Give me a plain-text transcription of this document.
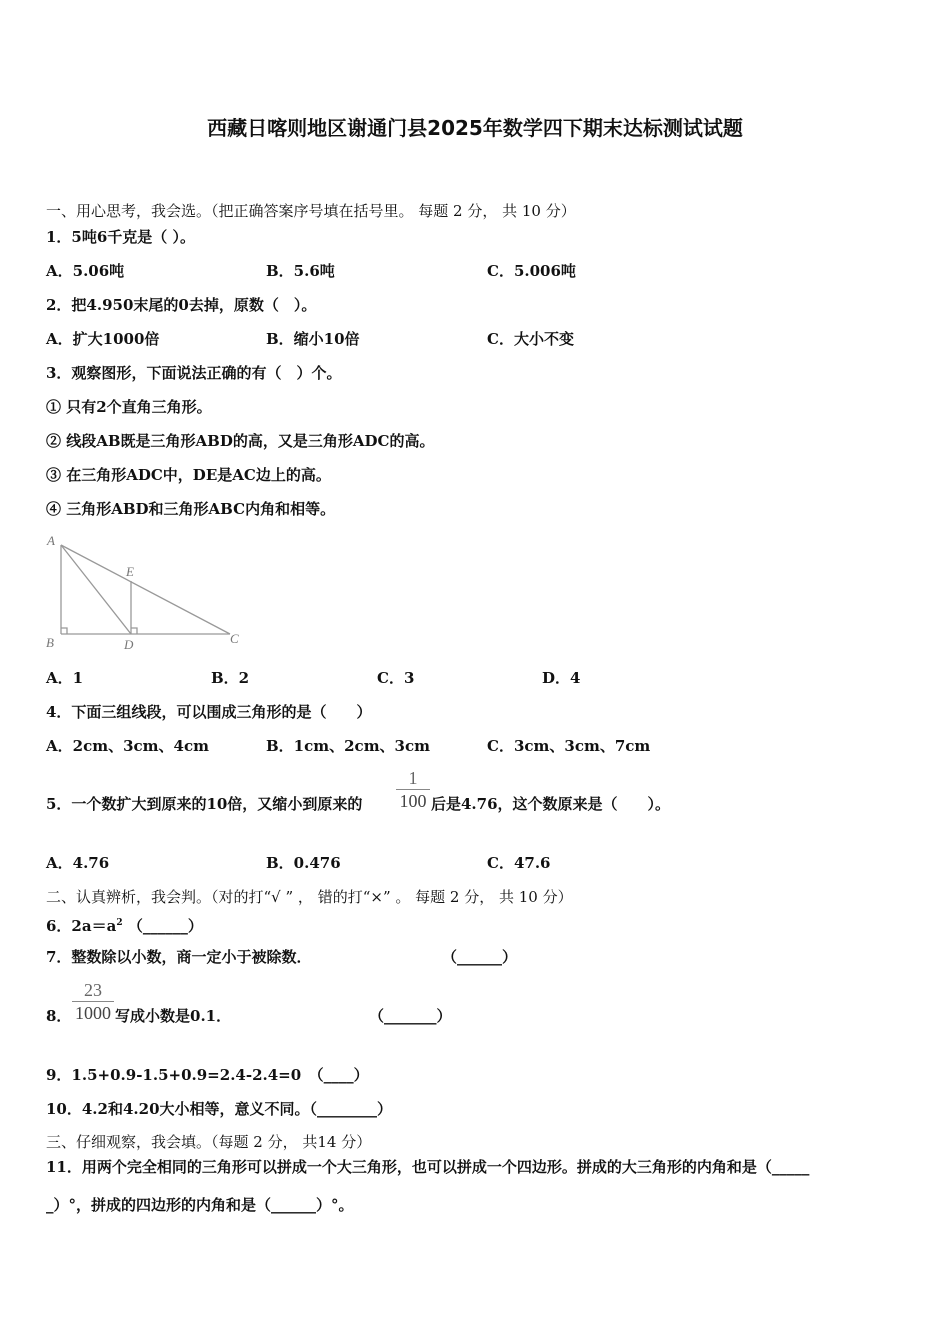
西藏日喀则地区谢通门县2025年数学四下期末达标测试试题
一、用心思考，我会选。（把正确答案序号填在括号里。 每题 2 分， 共 10 分）
1．5吨6千克是（ ）。
A．5.06吨	B．5.6吨	C．5.006吨
2．把4.950末尾的0去掉，原数（　）。
A．扩大1000倍	B．缩小10倍	C．大小不变
3．观察图形，下面说法正确的有（　）个。
① 只有2个直角三角形。
② 线段AB既是三角形ABD的高，又是三角形ADC的高。
③ 在三角形ADC中，DE是AC边上的高。
④ 三角形ABD和三角形ABC内角和相等。
A
E
B	D	C
A．1	B．2	C．3	D．4
4．下面三组线段，可以围成三角形的是（　　）
A．2cm、3cm、4cm	B．1cm、2cm、3cm	C．3cm、3cm、7cm
5．一个数扩大到原来的10倍，又缩小到原来的
1
100 后是4.76，这个数原来是（　　）。
A．4.76	B．0.476	C．47.6
二、认真辨析，我会判。（对的打“√ ” ， 错的打“×” 。 每题 2 分， 共 10 分）
6．$2a=a^2$ （______）
7．整数除以小数，商一定小于被除数．	（______）
8．
23
1000 写成小数是0.1．	（_______）
9．1.5+0.9-1.5+0.9=2.4-2.4=0　（____）
10．4.2和4.20大小相等，意义不同。（________）
三、仔细观察，我会填。（每题 2 分， 共14 分）
11．用两个完全相同的三角形可以拼成一个大三角形，也可以拼成一个四边形。拼成的大三角形的内角和是（_____
_）°，拼成的四边形的内角和是（______）°。
